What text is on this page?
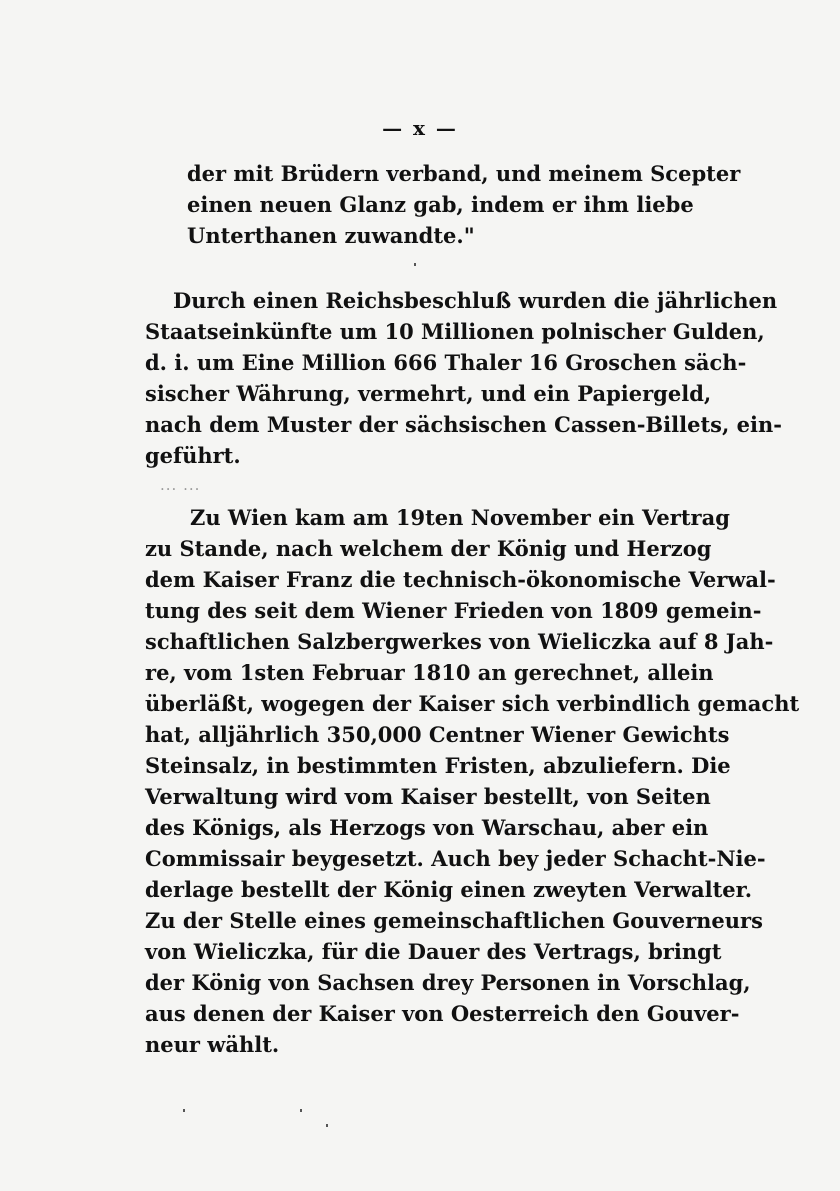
— x —
der mit Brüdern verband, und meinem Scepter
einen neuen Glanz gab, indem er ihm liebe
Unterthanen zuwandte."
Durch einen Reichsbeschluß wurden die jährlichen
Staatseinkünfte um 10 Millionen polnischer Gulden,
d. i. um Eine Million 666 Thaler 16 Groschen säch-
sischer Währung, vermehrt, und ein Papiergeld,
nach dem Muster der sächsischen Cassen-Billets, ein-
geführt.
... ...
Zu Wien kam am 19ten November ein Vertrag
zu Stande, nach welchem der König und Herzog
dem Kaiser Franz die technisch-ökonomische Verwal-
tung des seit dem Wiener Frieden von 1809 gemein-
schaftlichen Salzbergwerkes von Wieliczka auf 8 Jah-
re, vom 1sten Februar 1810 an gerechnet, allein
überläßt, wogegen der Kaiser sich verbindlich gemacht
hat, alljährlich 350,000 Centner Wiener Gewichts
Steinsalz, in bestimmten Fristen, abzuliefern. Die
Verwaltung wird vom Kaiser bestellt, von Seiten
des Königs, als Herzogs von Warschau, aber ein
Commissair beygesetzt. Auch bey jeder Schacht-Nie-
derlage bestellt der König einen zweyten Verwalter.
Zu der Stelle eines gemeinschaftlichen Gouverneurs
von Wieliczka, für die Dauer des Vertrags, bringt
der König von Sachsen drey Personen in Vorschlag,
aus denen der Kaiser von Oesterreich den Gouver-
neur wählt.
